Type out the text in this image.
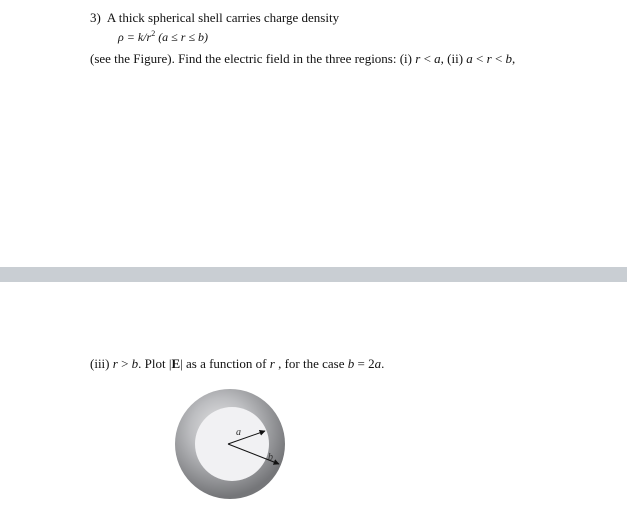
3) A thick spherical shell carries charge density
$\rho = k/r^2$ (a ≤ r ≤ b)
(see the Figure). Find the electric field in the three regions: (i) r < a, (ii) a < r < b,
(iii) r > b. Plot |E| as a function of r , for the case b = 2a.
a
b
